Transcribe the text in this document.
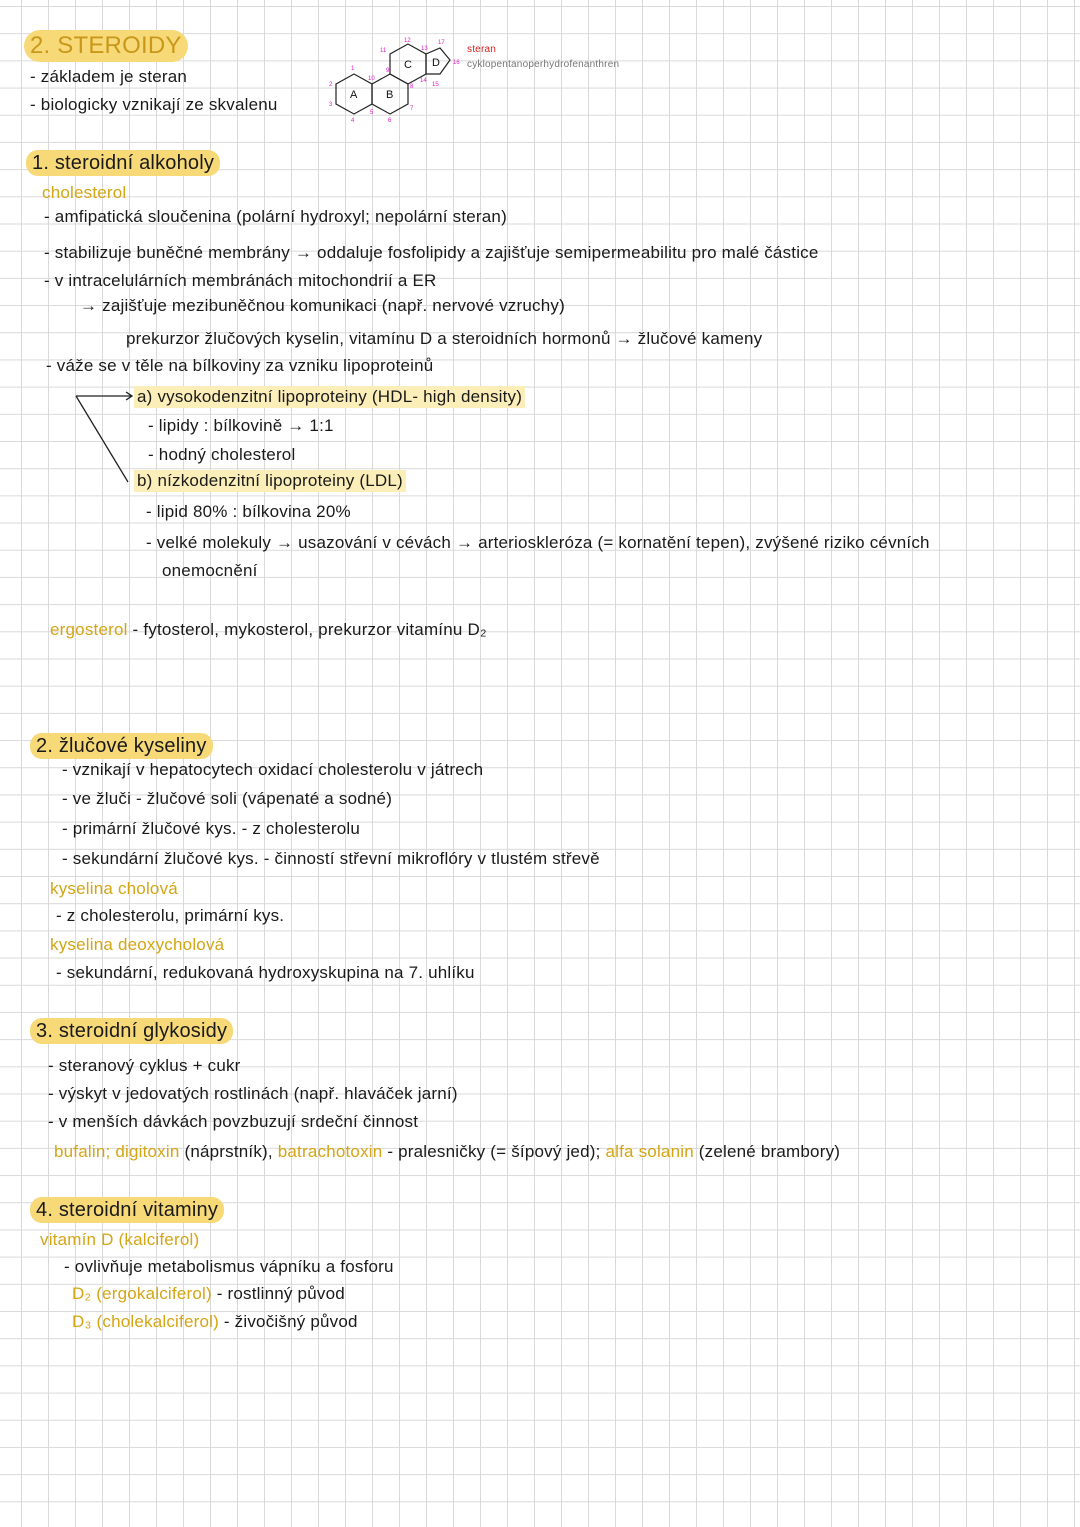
2. STEROIDY
- základem je steran
- biologicky vznikají ze skvalenu	A	B
C D
1
2
3
4
5
6
7
8
9
10
11
12
13
14
15
16
17
steran
cyklopentanoperhydrofenanthren
1. steroidní alkoholy
cholesterol
- amfipatická sloučenina (polární hydroxyl; nepolární steran)
- stabilizuje buněčné membrány → oddaluje fosfolipidy a zajišťuje semipermeabilitu pro malé částice
- v intracelulárních membránách mitochondrií a ER
→ zajišťuje mezibuněčnou komunikaci (např. nervové vzruchy)
prekurzor žlučových kyselin, vitamínu D a steroidních hormonů → žlučové kameny
- váže se v těle na bílkoviny za vzniku lipoproteinů
a) vysokodenzitní lipoproteiny (HDL- high density)
- lipidy : bílkovině → 1:1
- hodný cholesterol
b) nízkodenzitní lipoproteiny (LDL)
- lipid 80% : bílkovina 20%
- velké molekuly → usazování v cévách → arterioskleróza (= kornatění tepen), zvýšené riziko cévních
onemocnění
ergosterol - fytosterol, mykosterol, prekurzor vitamínu D₂
2. žlučové kyseliny
- vznikají v hepatocytech oxidací cholesterolu v játrech
- ve žluči - žlučové soli (vápenaté a sodné)
- primární žlučové kys. - z cholesterolu
- sekundární žlučové kys. - činností střevní mikroflóry v tlustém střevě
kyselina cholová
- z cholesterolu, primární kys.
kyselina deoxycholová
- sekundární, redukovaná hydroxyskupina na 7. uhlíku
3. steroidní glykosidy
- steranový cyklus + cukr
- výskyt v jedovatých rostlinách (např. hlaváček jarní)
- v menších dávkách povzbuzují srdeční činnost
bufalin; digitoxin (náprstník), batrachotoxin - pralesničky (= šípový jed); alfa solanin (zelené brambory)
4. steroidní vitaminy
vitamín D (kalciferol)
- ovlivňuje metabolismus vápníku a fosforu
D₂ (ergokalciferol) - rostlinný původ
D₃ (cholekalciferol) - živočišný původ
